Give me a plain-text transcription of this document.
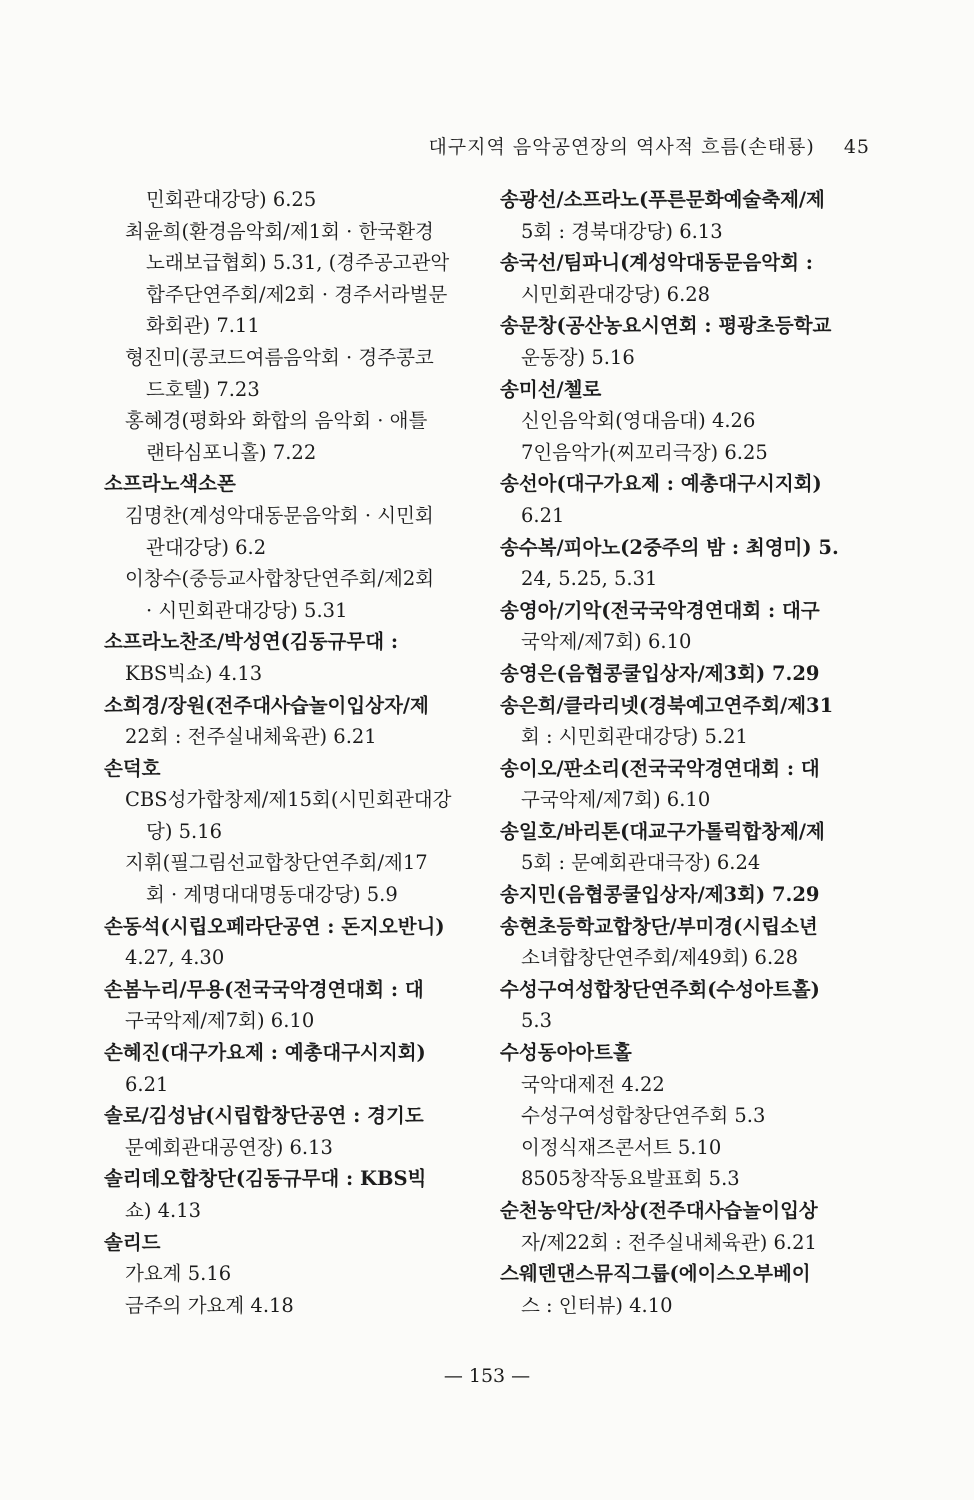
대구지역 음악공연장의 역사적 흐름(손태룡) 45
민회관대강당) 6.25
최윤희(환경음악회/제1회 · 한국환경
노래보급협회) 5.31, (경주공고관악
합주단연주회/제2회 · 경주서라벌문
화회관) 7.11
형진미(콩코드여름음악회 · 경주콩코
드호텔) 7.23
홍혜경(평화와 화합의 음악회 · 애틀
랜타심포니홀) 7.22
소프라노색소폰
김명찬(계성악대동문음악회 · 시민회
관대강당) 6.2
이창수(중등교사합창단연주회/제2회
· 시민회관대강당) 5.31
소프라노찬조/박성연(김동규무대 :
KBS빅쇼) 4.13
소희경/장원(전주대사습놀이입상자/제
22회 : 전주실내체육관) 6.21
손덕호
CBS성가합창제/제15회(시민회관대강
당) 5.16
지휘(필그림선교합창단연주회/제17
회 · 계명대대명동대강당) 5.9
손동석(시립오페라단공연 : 돈지오반니)
4.27, 4.30
손봄누리/무용(전국국악경연대회 : 대
구국악제/제7회) 6.10
손혜진(대구가요제 : 예총대구시지회)
6.21
솔로/김성남(시립합창단공연 : 경기도
문예회관대공연장) 6.13
솔리데오합창단(김동규무대 : KBS빅
쇼) 4.13
솔리드
가요계 5.16
금주의 가요계 4.18
송광선/소프라노(푸른문화예술축제/제
5회 : 경북대강당) 6.13
송국선/팀파니(계성악대동문음악회 :
시민회관대강당) 6.28
송문창(공산농요시연회 : 평광초등학교
운동장) 5.16
송미선/첼로
신인음악회(영대음대) 4.26
7인음악가(찌꼬리극장) 6.25
송선아(대구가요제 : 예총대구시지회)
6.21
송수복/피아노(2중주의 밤 : 최영미) 5.
24, 5.25, 5.31
송영아/기악(전국국악경연대회 : 대구
국악제/제7회) 6.10
송영은(음협콩쿨입상자/제3회) 7.29
송은희/클라리넷(경북예고연주회/제31
회 : 시민회관대강당) 5.21
송이오/판소리(전국국악경연대회 : 대
구국악제/제7회) 6.10
송일호/바리톤(대교구가톨릭합창제/제
5회 : 문예회관대극장) 6.24
송지민(음협콩쿨입상자/제3회) 7.29
송현초등학교합창단/부미경(시립소년
소녀합창단연주회/제49회) 6.28
수성구여성합창단연주회(수성아트홀)
5.3
수성동아아트홀
국악대제전 4.22
수성구여성합창단연주회 5.3
이정식재즈콘서트 5.10
8505창작동요발표회 5.3
순천농악단/차상(전주대사습놀이입상
자/제22회 : 전주실내체육관) 6.21
스웨덴댄스뮤직그룹(에이스오부베이
스 : 인터뷰) 4.10
— 153 —
